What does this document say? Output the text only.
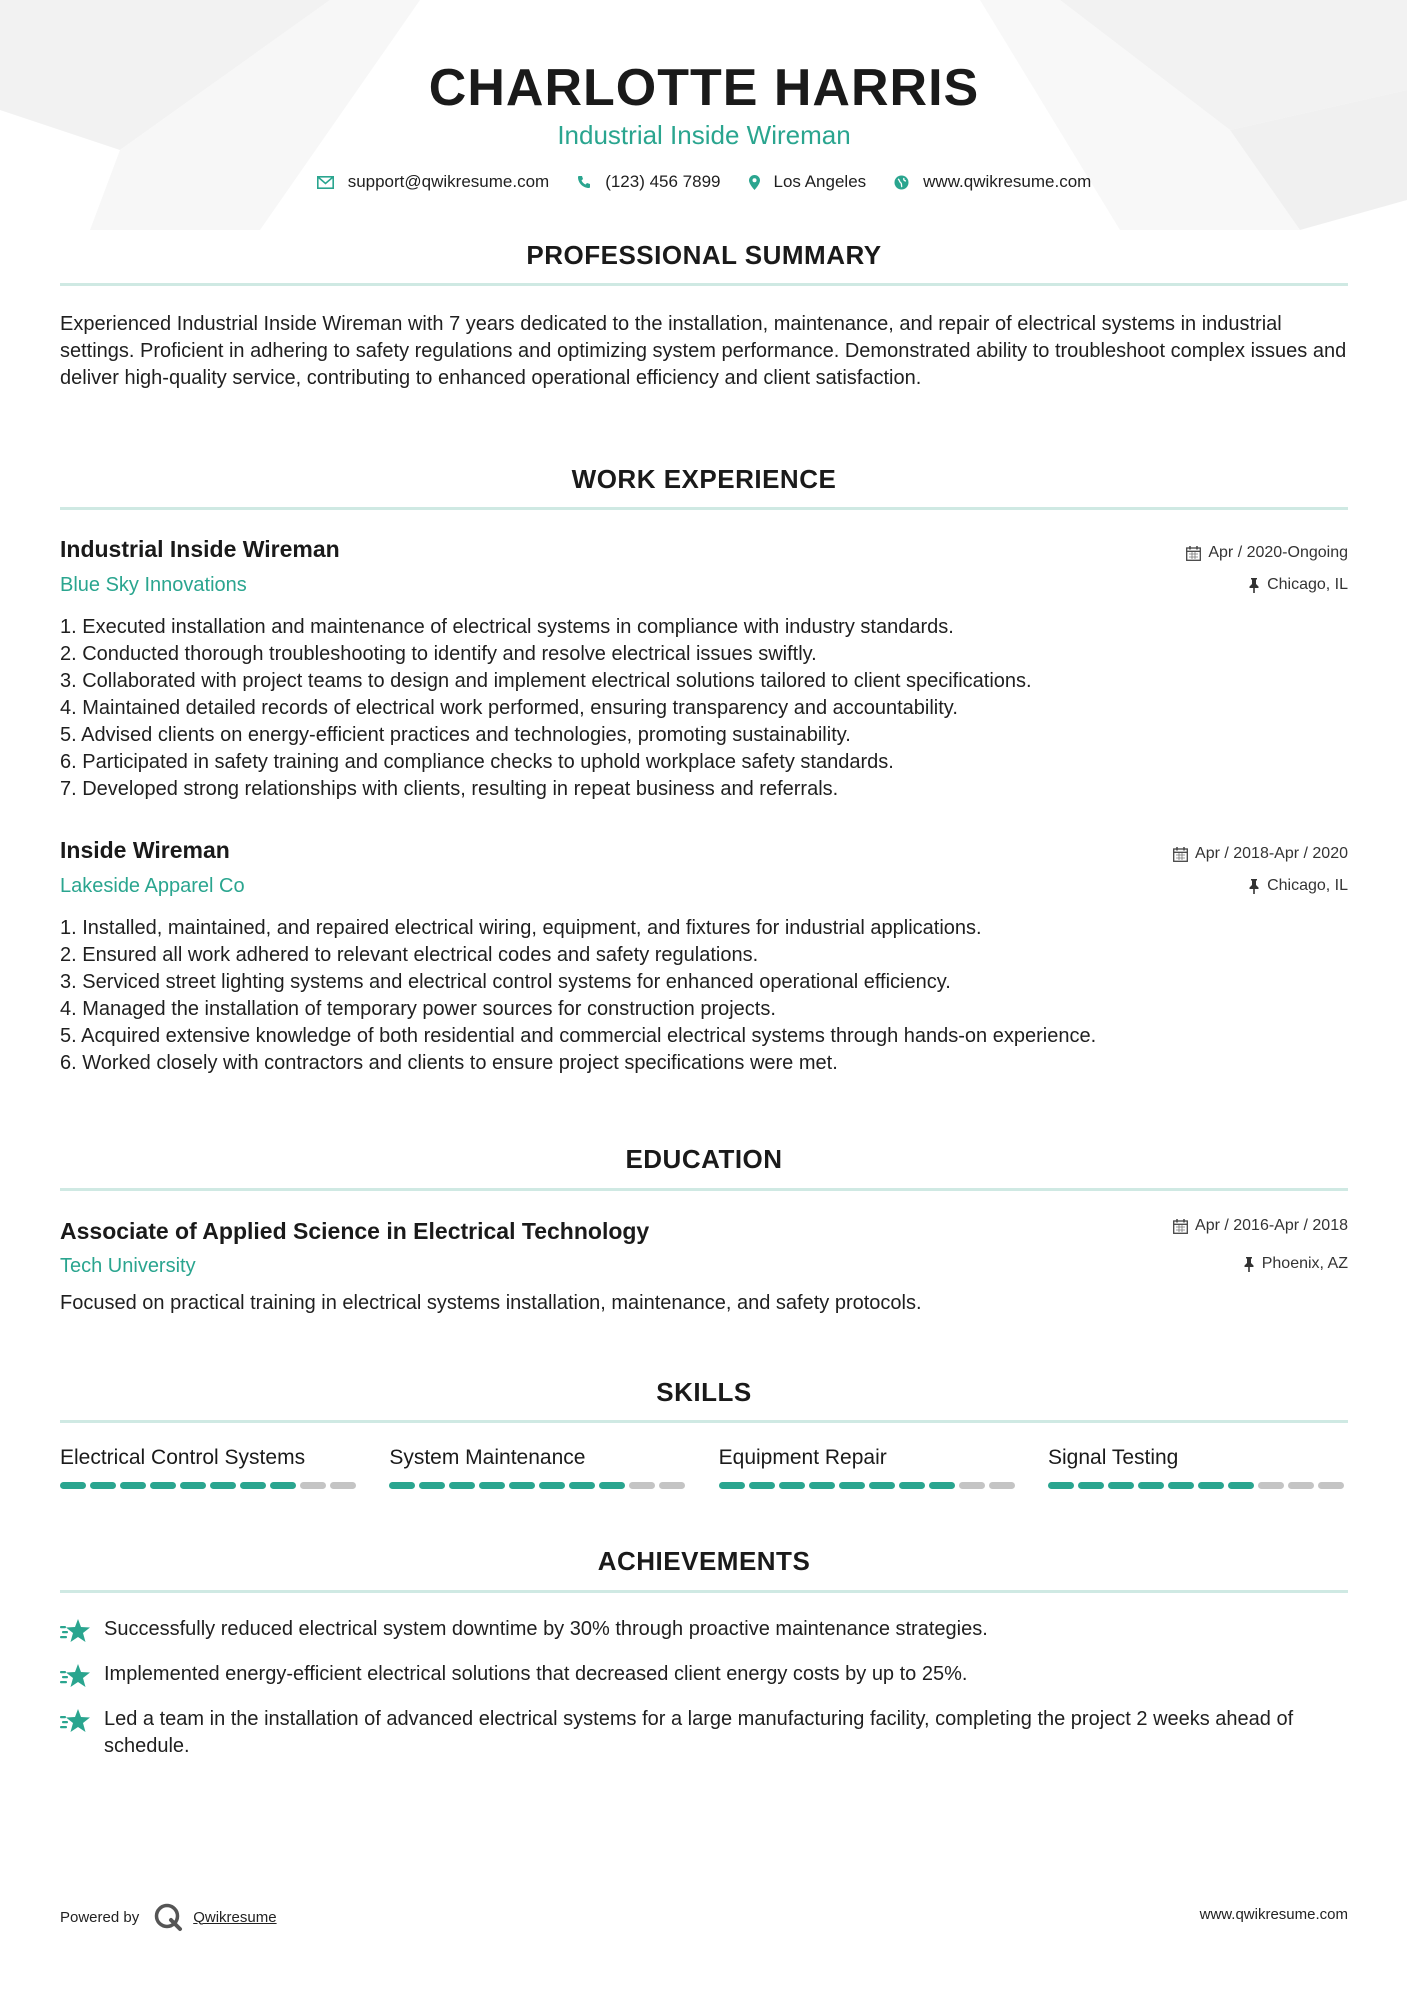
CHARLOTTE HARRIS
Industrial Inside Wireman
support@qwikresume.com	(123) 456 7899	Los Angeles	www.qwikresume.com
PROFESSIONAL SUMMARY
Experienced Industrial Inside Wireman with 7 years dedicated to the installation, maintenance, and repair of electrical systems in industrial settings. Proficient in adhering to safety regulations and optimizing system performance. Demonstrated ability to troubleshoot complex issues and deliver high-quality service, contributing to enhanced operational efficiency and client satisfaction.
WORK EXPERIENCE
Industrial Inside Wireman
Blue Sky Innovations
Apr / 2020-Ongoing
Chicago, IL
1. Executed installation and maintenance of electrical systems in compliance with industry standards.
2. Conducted thorough troubleshooting to identify and resolve electrical issues swiftly.
3. Collaborated with project teams to design and implement electrical solutions tailored to client specifications.
4. Maintained detailed records of electrical work performed, ensuring transparency and accountability.
5. Advised clients on energy-efficient practices and technologies, promoting sustainability.
6. Participated in safety training and compliance checks to uphold workplace safety standards.
7. Developed strong relationships with clients, resulting in repeat business and referrals.
Inside Wireman
Lakeside Apparel Co
Apr / 2018-Apr / 2020
Chicago, IL
1. Installed, maintained, and repaired electrical wiring, equipment, and fixtures for industrial applications.
2. Ensured all work adhered to relevant electrical codes and safety regulations.
3. Serviced street lighting systems and electrical control systems for enhanced operational efficiency.
4. Managed the installation of temporary power sources for construction projects.
5. Acquired extensive knowledge of both residential and commercial electrical systems through hands-on experience.
6. Worked closely with contractors and clients to ensure project specifications were met.
EDUCATION
Associate of Applied Science in Electrical Technology
Tech University
Apr / 2016-Apr / 2018
Phoenix, AZ
Focused on practical training in electrical systems installation, maintenance, and safety protocols.
SKILLS
Electrical Control Systems	System Maintenance	Equipment Repair	Signal Testing
ACHIEVEMENTS
Successfully reduced electrical system downtime by 30% through proactive maintenance strategies.
Implemented energy-efficient electrical solutions that decreased client energy costs by up to 25%.
Led a team in the installation of advanced electrical systems for a large manufacturing facility, completing the project 2 weeks ahead of schedule.
Powered by	Qwikresume	www.qwikresume.com
